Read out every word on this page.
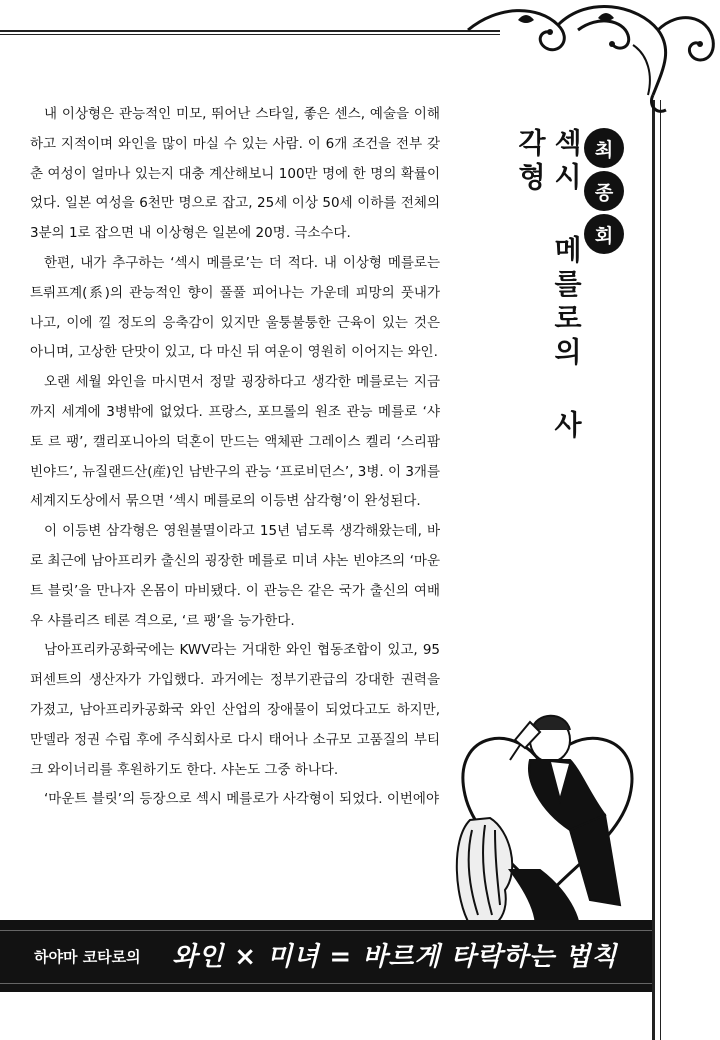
내 이상형은 관능적인 미모, 뛰어난 스타일, 좋은 센스, 예술을 이해하고 지적이며 와인을 많이 마실 수 있는 사람. 이 6개 조건을 전부 갖춘 여성이 얼마나 있는지 대충 계산해보니 100만 명에 한 명의 확률이었다. 일본 여성을 6천만 명으로 잡고, 25세 이상 50세 이하를 전체의 3분의 1로 잡으면 내 이상형은 일본에 20명. 극소수다.

한편, 내가 추구하는 ‘섹시 메를로’는 더 적다. 내 이상형 메를로는 트뤼프계(系)의 관능적인 향이 풀풀 피어나는 가운데 피망의 풋내가 나고, 이에 낄 정도의 응축감이 있지만 울퉁불퉁한 근육이 있는 것은 아니며, 고상한 단맛이 있고, 다 마신 뒤 여운이 영원히 이어지는 와인.

오랜 세월 와인을 마시면서 정말 굉장하다고 생각한 메를로는 지금까지 세계에 3병밖에 없었다. 프랑스, 포므롤의 원조 관능 메를로 ‘샤토 르 팽’, 캘리포니아의 덕혼이 만드는 액체판 그레이스 켈리 ‘스리팜 빈야드’, 뉴질랜드산(産)인 남반구의 관능 ‘프로비던스’, 3병. 이 3개를 세계지도상에서 묶으면 ‘섹시 메를로의 이등변 삼각형’이 완성된다.

이 이등변 삼각형은 영원불멸이라고 15년 넘도록 생각해왔는데, 바로 최근에 남아프리카 출신의 굉장한 메를로 미녀 샤논 빈야즈의 ‘마운트 블릿’을 만나자 온몸이 마비됐다. 이 관능은 같은 국가 출신의 여배우 샤를리즈 테론 격으로, ‘르 팽’을 능가한다.

남아프리카공화국에는 KWV라는 거대한 와인 협동조합이 있고, 95퍼센트의 생산자가 가입했다. 과거에는 정부기관급의 강대한 권력을 가졌고, 남아프리카공화국 와인 산업의 장애물이 되었다고도 하지만, 만델라 정권 수립 후에 주식회사로 다시 태어나 소규모 고품질의 부티크 와이너리를 후원하기도 한다. 샤논도 그중 하나다.

‘마운트 블릿’의 등장으로 섹시 메를로가 사각형이 되었다. 이번에야

섹시 메를로의 사각형	최
종
회
하야마 코타로의 와인 × 미녀 = 바르게 타락하는 법칙
